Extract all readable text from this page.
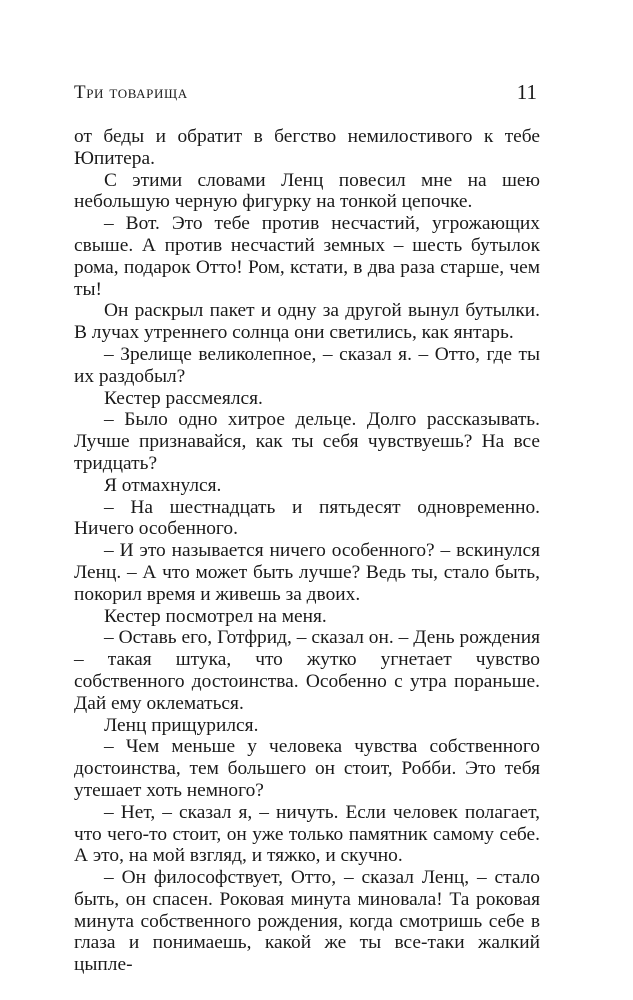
Три товарища	11

от беды и обратит в бегство немилостивого к тебе Юпитера.

С этими словами Ленц повесил мне на шею небольшую черную фигурку на тонкой цепочке.

– Вот. Это тебе против несчастий, угрожающих свыше. А против несчастий земных – шесть бутылок рома, подарок Отто! Ром, кстати, в два раза старше, чем ты!

Он раскрыл пакет и одну за другой вынул бутылки. В лучах утреннего солнца они светились, как янтарь.

– Зрелище великолепное, – сказал я. – Отто, где ты их раздобыл?

Кестер рассмеялся.

– Было одно хитрое дельце. Долго рассказывать. Лучше признавайся, как ты себя чувствуешь? На все тридцать?

Я отмахнулся.

– На шестнадцать и пятьдесят одновременно. Ничего особенного.

– И это называется ничего особенного? – вскинулся Ленц. – А что может быть лучше? Ведь ты, стало быть, покорил время и живешь за двоих.

Кестер посмотрел на меня.

– Оставь его, Готфрид, – сказал он. – День рождения – такая штука, что жутко угнетает чувство собственного достоинства. Особенно с утра пораньше. Дай ему оклематься.

Ленц прищурился.

– Чем меньше у человека чувства собственного достоинства, тем большего он стоит, Робби. Это тебя утешает хоть немного?

– Нет, – сказал я, – ничуть. Если человек полагает, что чего-то стоит, он уже только памятник самому себе. А это, на мой взгляд, и тяжко, и скучно.

– Он философствует, Отто, – сказал Ленц, – стало быть, он спасен. Роковая минута миновала! Та роковая минута собственного рождения, когда смотришь себе в глаза и понимаешь, какой же ты все-таки жалкий цыпле-
